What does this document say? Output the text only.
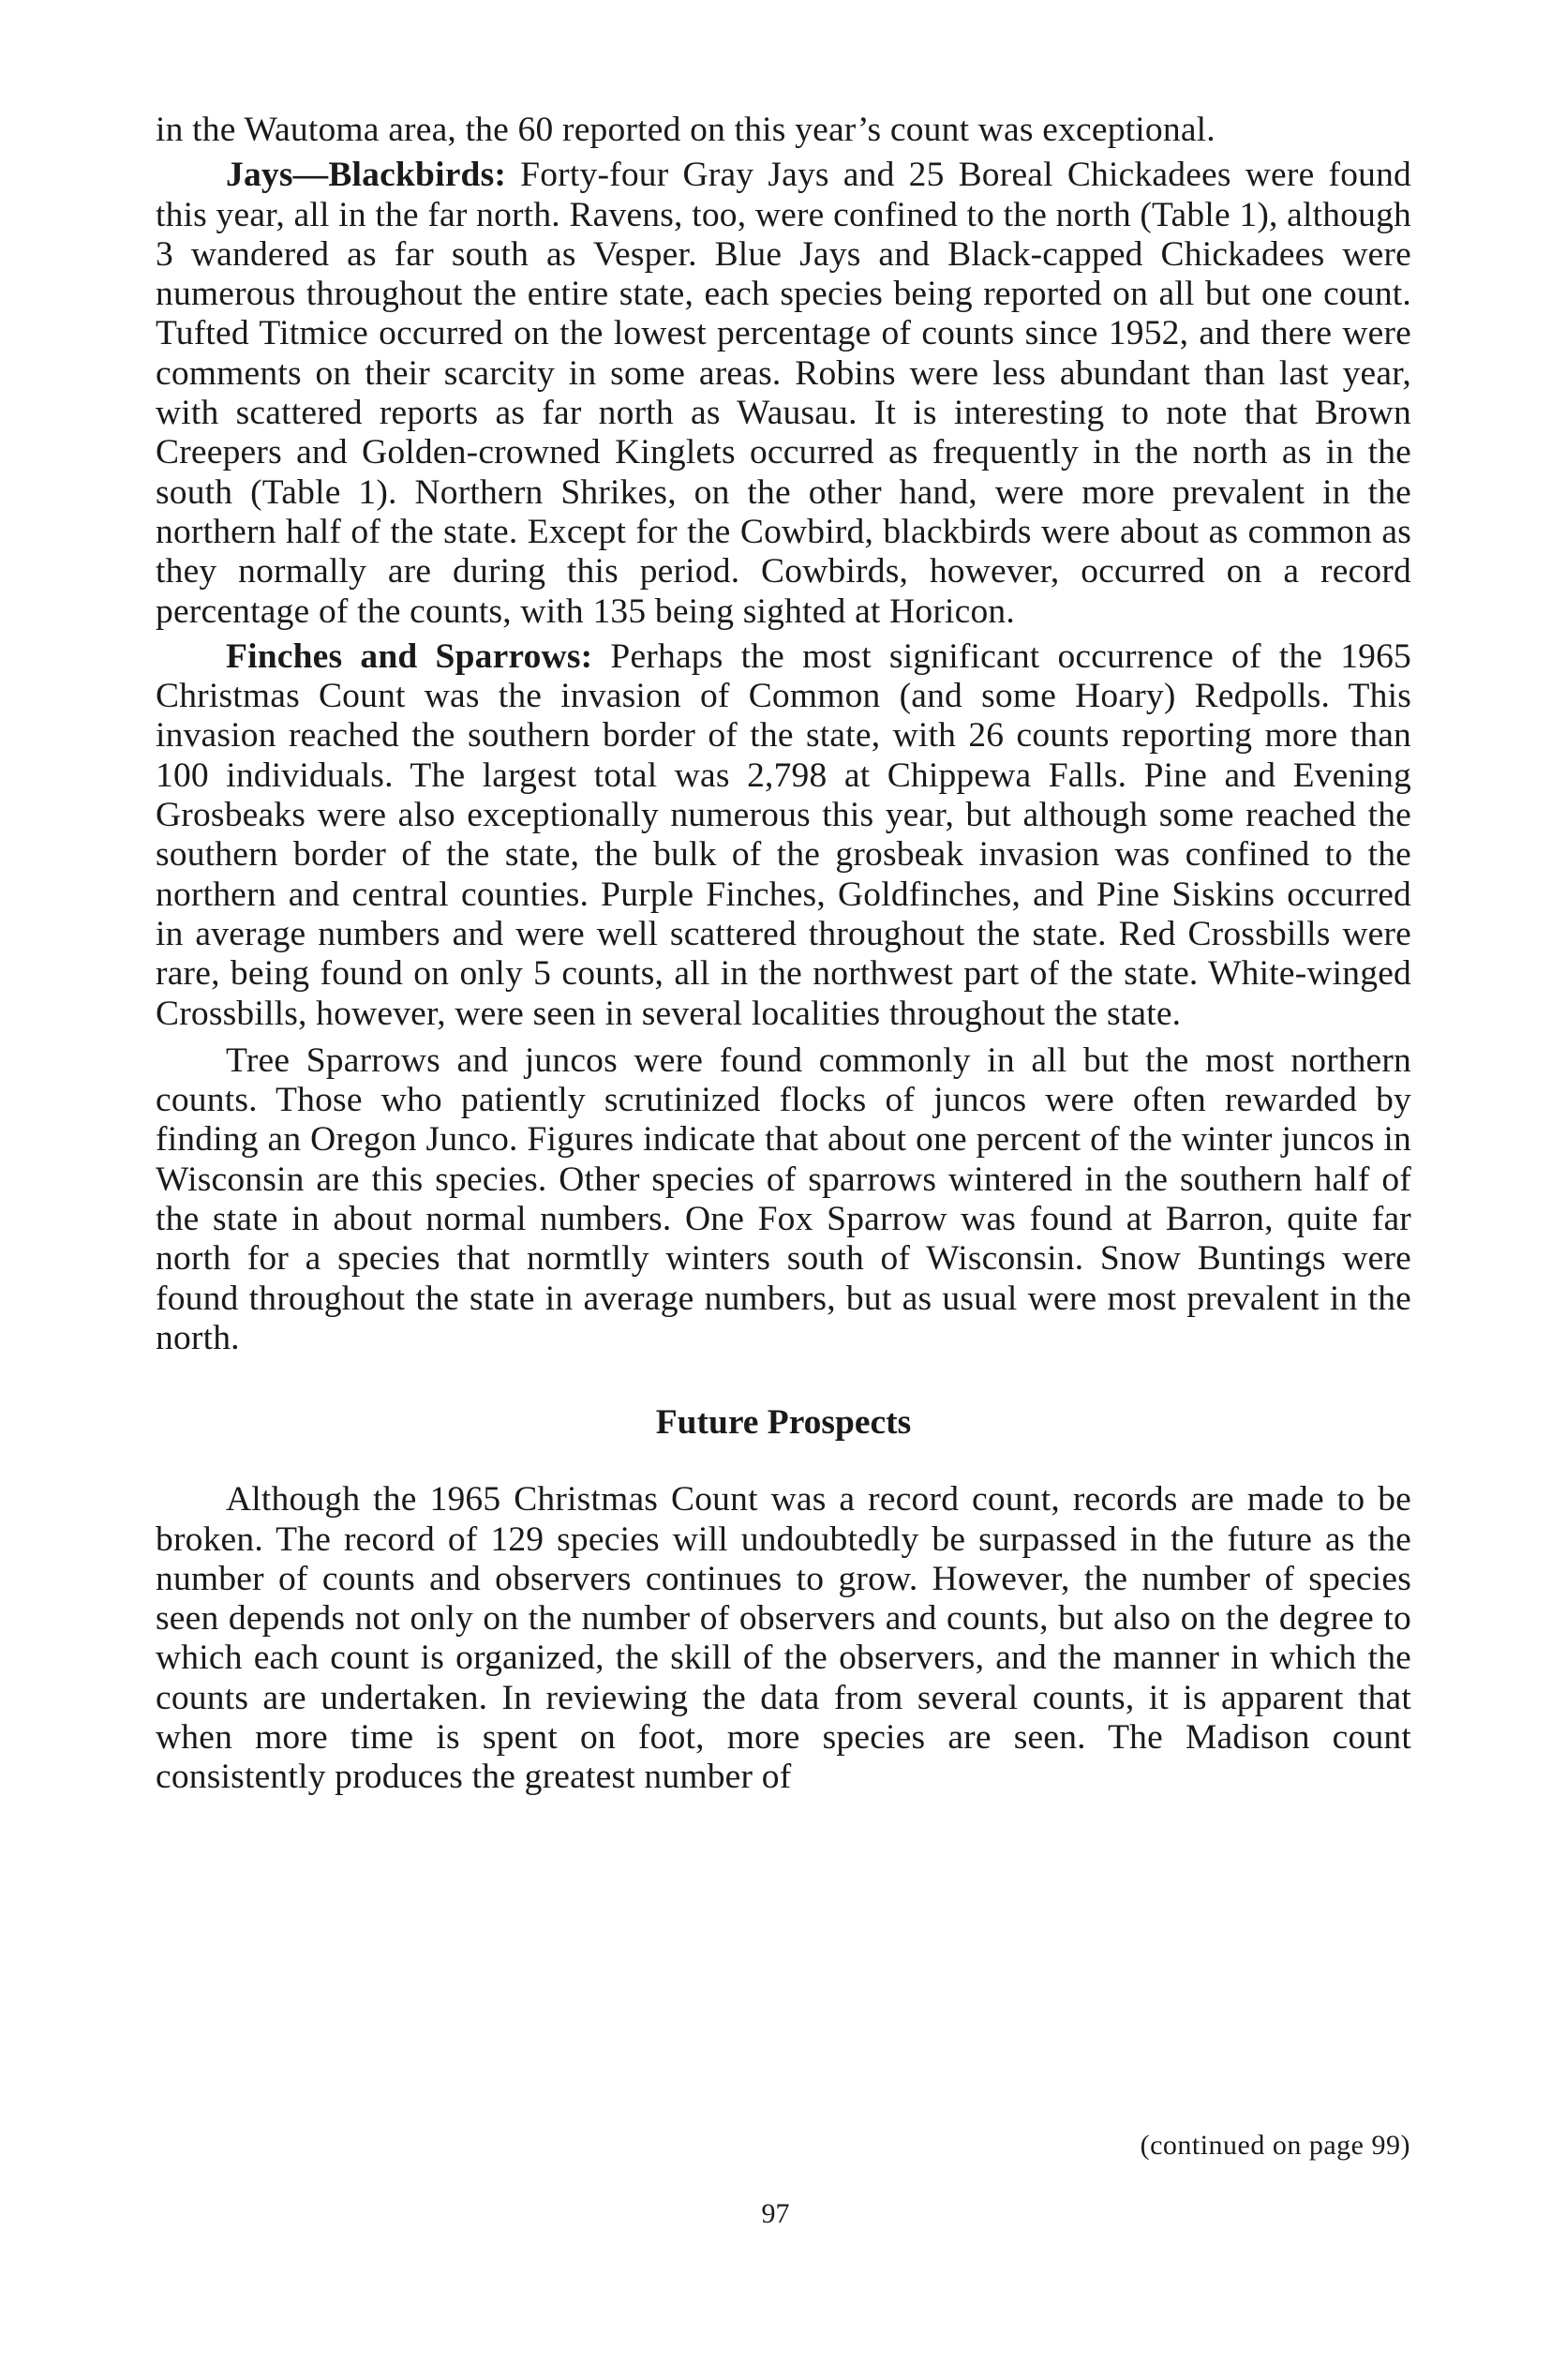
in the Wautoma area, the 60 reported on this year’s count was exceptional.

Jays—Blackbirds: Forty-four Gray Jays and 25 Boreal Chickadees were found this year, all in the far north. Ravens, too, were confined to the north (Table 1), although 3 wandered as far south as Vesper. Blue Jays and Black-capped Chickadees were numerous throughout the entire state, each species being reported on all but one count. Tufted Titmice occurred on the lowest percentage of counts since 1952, and there were comments on their scarcity in some areas. Robins were less abundant than last year, with scattered reports as far north as Wausau. It is interesting to note that Brown Creepers and Golden-crowned Kinglets occurred as frequently in the north as in the south (Table 1). Northern Shrikes, on the other hand, were more prevalent in the northern half of the state. Except for the Cowbird, blackbirds were about as common as they normally are during this period. Cowbirds, however, occurred on a record percentage of the counts, with 135 being sighted at Horicon.

Finches and Sparrows: Perhaps the most significant occurrence of the 1965 Christmas Count was the invasion of Common (and some Hoary) Redpolls. This invasion reached the southern border of the state, with 26 counts reporting more than 100 individuals. The largest total was 2,798 at Chippewa Falls. Pine and Evening Grosbeaks were also exceptionally numerous this year, but although some reached the southern border of the state, the bulk of the grosbeak invasion was confined to the northern and central counties. Purple Finches, Goldfinches, and Pine Siskins occurred in average numbers and were well scattered throughout the state. Red Crossbills were rare, being found on only 5 counts, all in the northwest part of the state. White-winged Crossbills, however, were seen in several localities throughout the state.

Tree Sparrows and juncos were found commonly in all but the most northern counts. Those who patiently scrutinized flocks of juncos were often rewarded by finding an Oregon Junco. Figures indicate that about one percent of the winter juncos in Wisconsin are this species. Other species of sparrows wintered in the southern half of the state in about normal numbers. One Fox Sparrow was found at Barron, quite far north for a species that normtlly winters south of Wisconsin. Snow Buntings were found throughout the state in average numbers, but as usual were most prevalent in the north.

Future Prospects

Although the 1965 Christmas Count was a record count, records are made to be broken. The record of 129 species will undoubtedly be surpassed in the future as the number of counts and observers continues to grow. However, the number of species seen depends not only on the number of observers and counts, but also on the degree to which each count is organized, the skill of the observers, and the manner in which the counts are undertaken. In reviewing the data from several counts, it is apparent that when more time is spent on foot, more species are seen. The Madison count consistently produces the greatest number of

(continued on page 99)
97
